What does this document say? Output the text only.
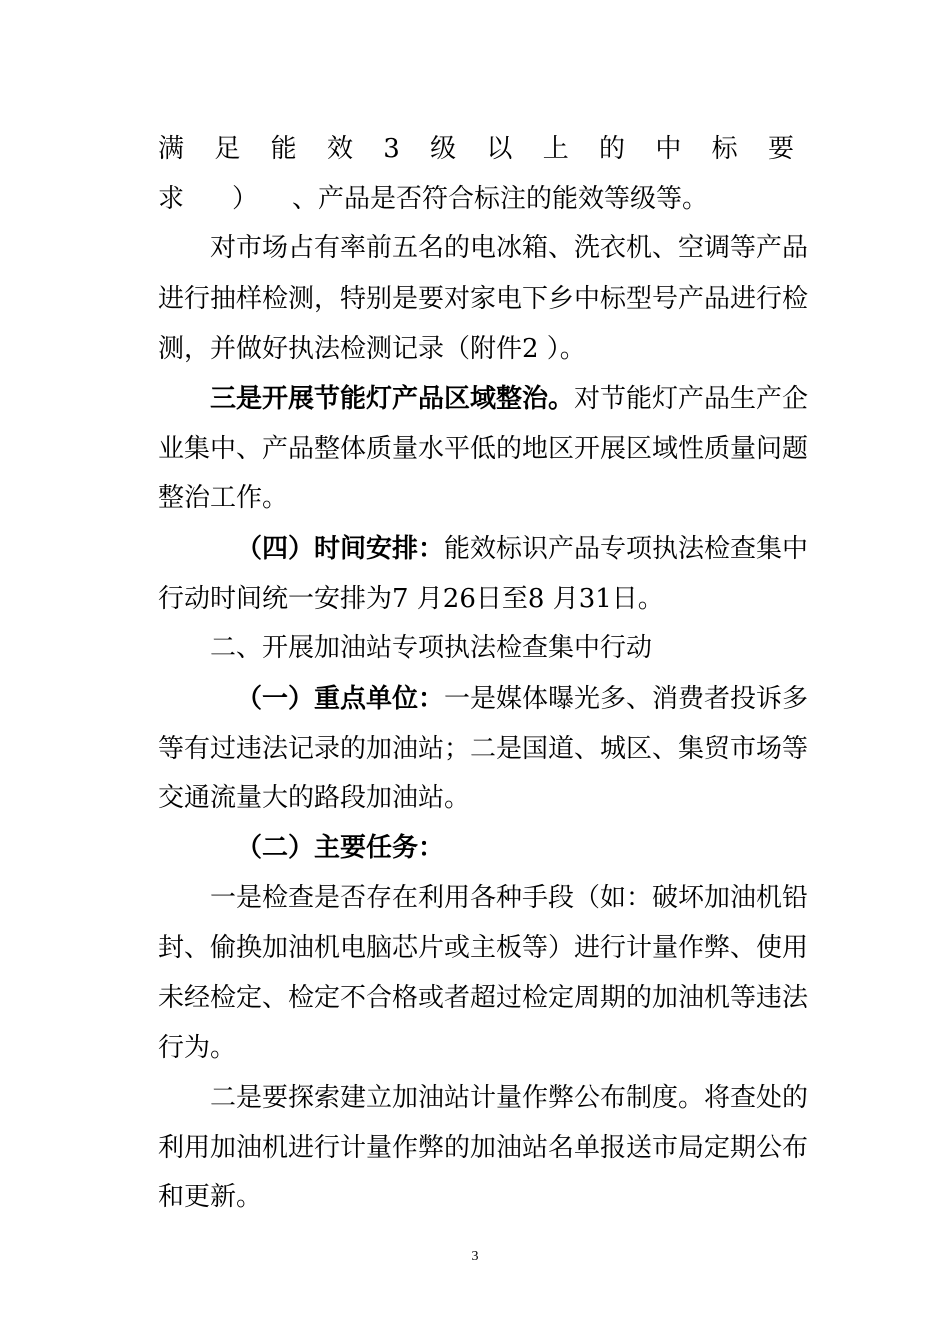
满足能效3级以上的中标要
求 ） 、产品是否符合标注的能效等级等。
对市场占有率前五名的电冰箱、洗衣机、空调等产品
进行抽样检测，特别是要对家电下乡中标型号产品进行检
测，并做好执法检测记录（附件2 ）。
三是开展节能灯产品区域整治。对节能灯产品生产企
业集中、产品整体质量水平低的地区开展区域性质量问题
整治工作。
（四）时间安排：能效标识产品专项执法检查集中
行动时间统一安排为7 月26日至8 月31日。
二、开展加油站专项执法检查集中行动
（一）重点单位：一是媒体曝光多、消费者投诉多
等有过违法记录的加油站；二是国道、城区、集贸市场等
交通流量大的路段加油站。
（二）主要任务：
一是检查是否存在利用各种手段（如：破坏加油机铅
封、偷换加油机电脑芯片或主板等）进行计量作弊、使用
未经检定、检定不合格或者超过检定周期的加油机等违法
行为。
二是要探索建立加油站计量作弊公布制度。将查处的
利用加油机进行计量作弊的加油站名单报送市局定期公布
和更新。
3
